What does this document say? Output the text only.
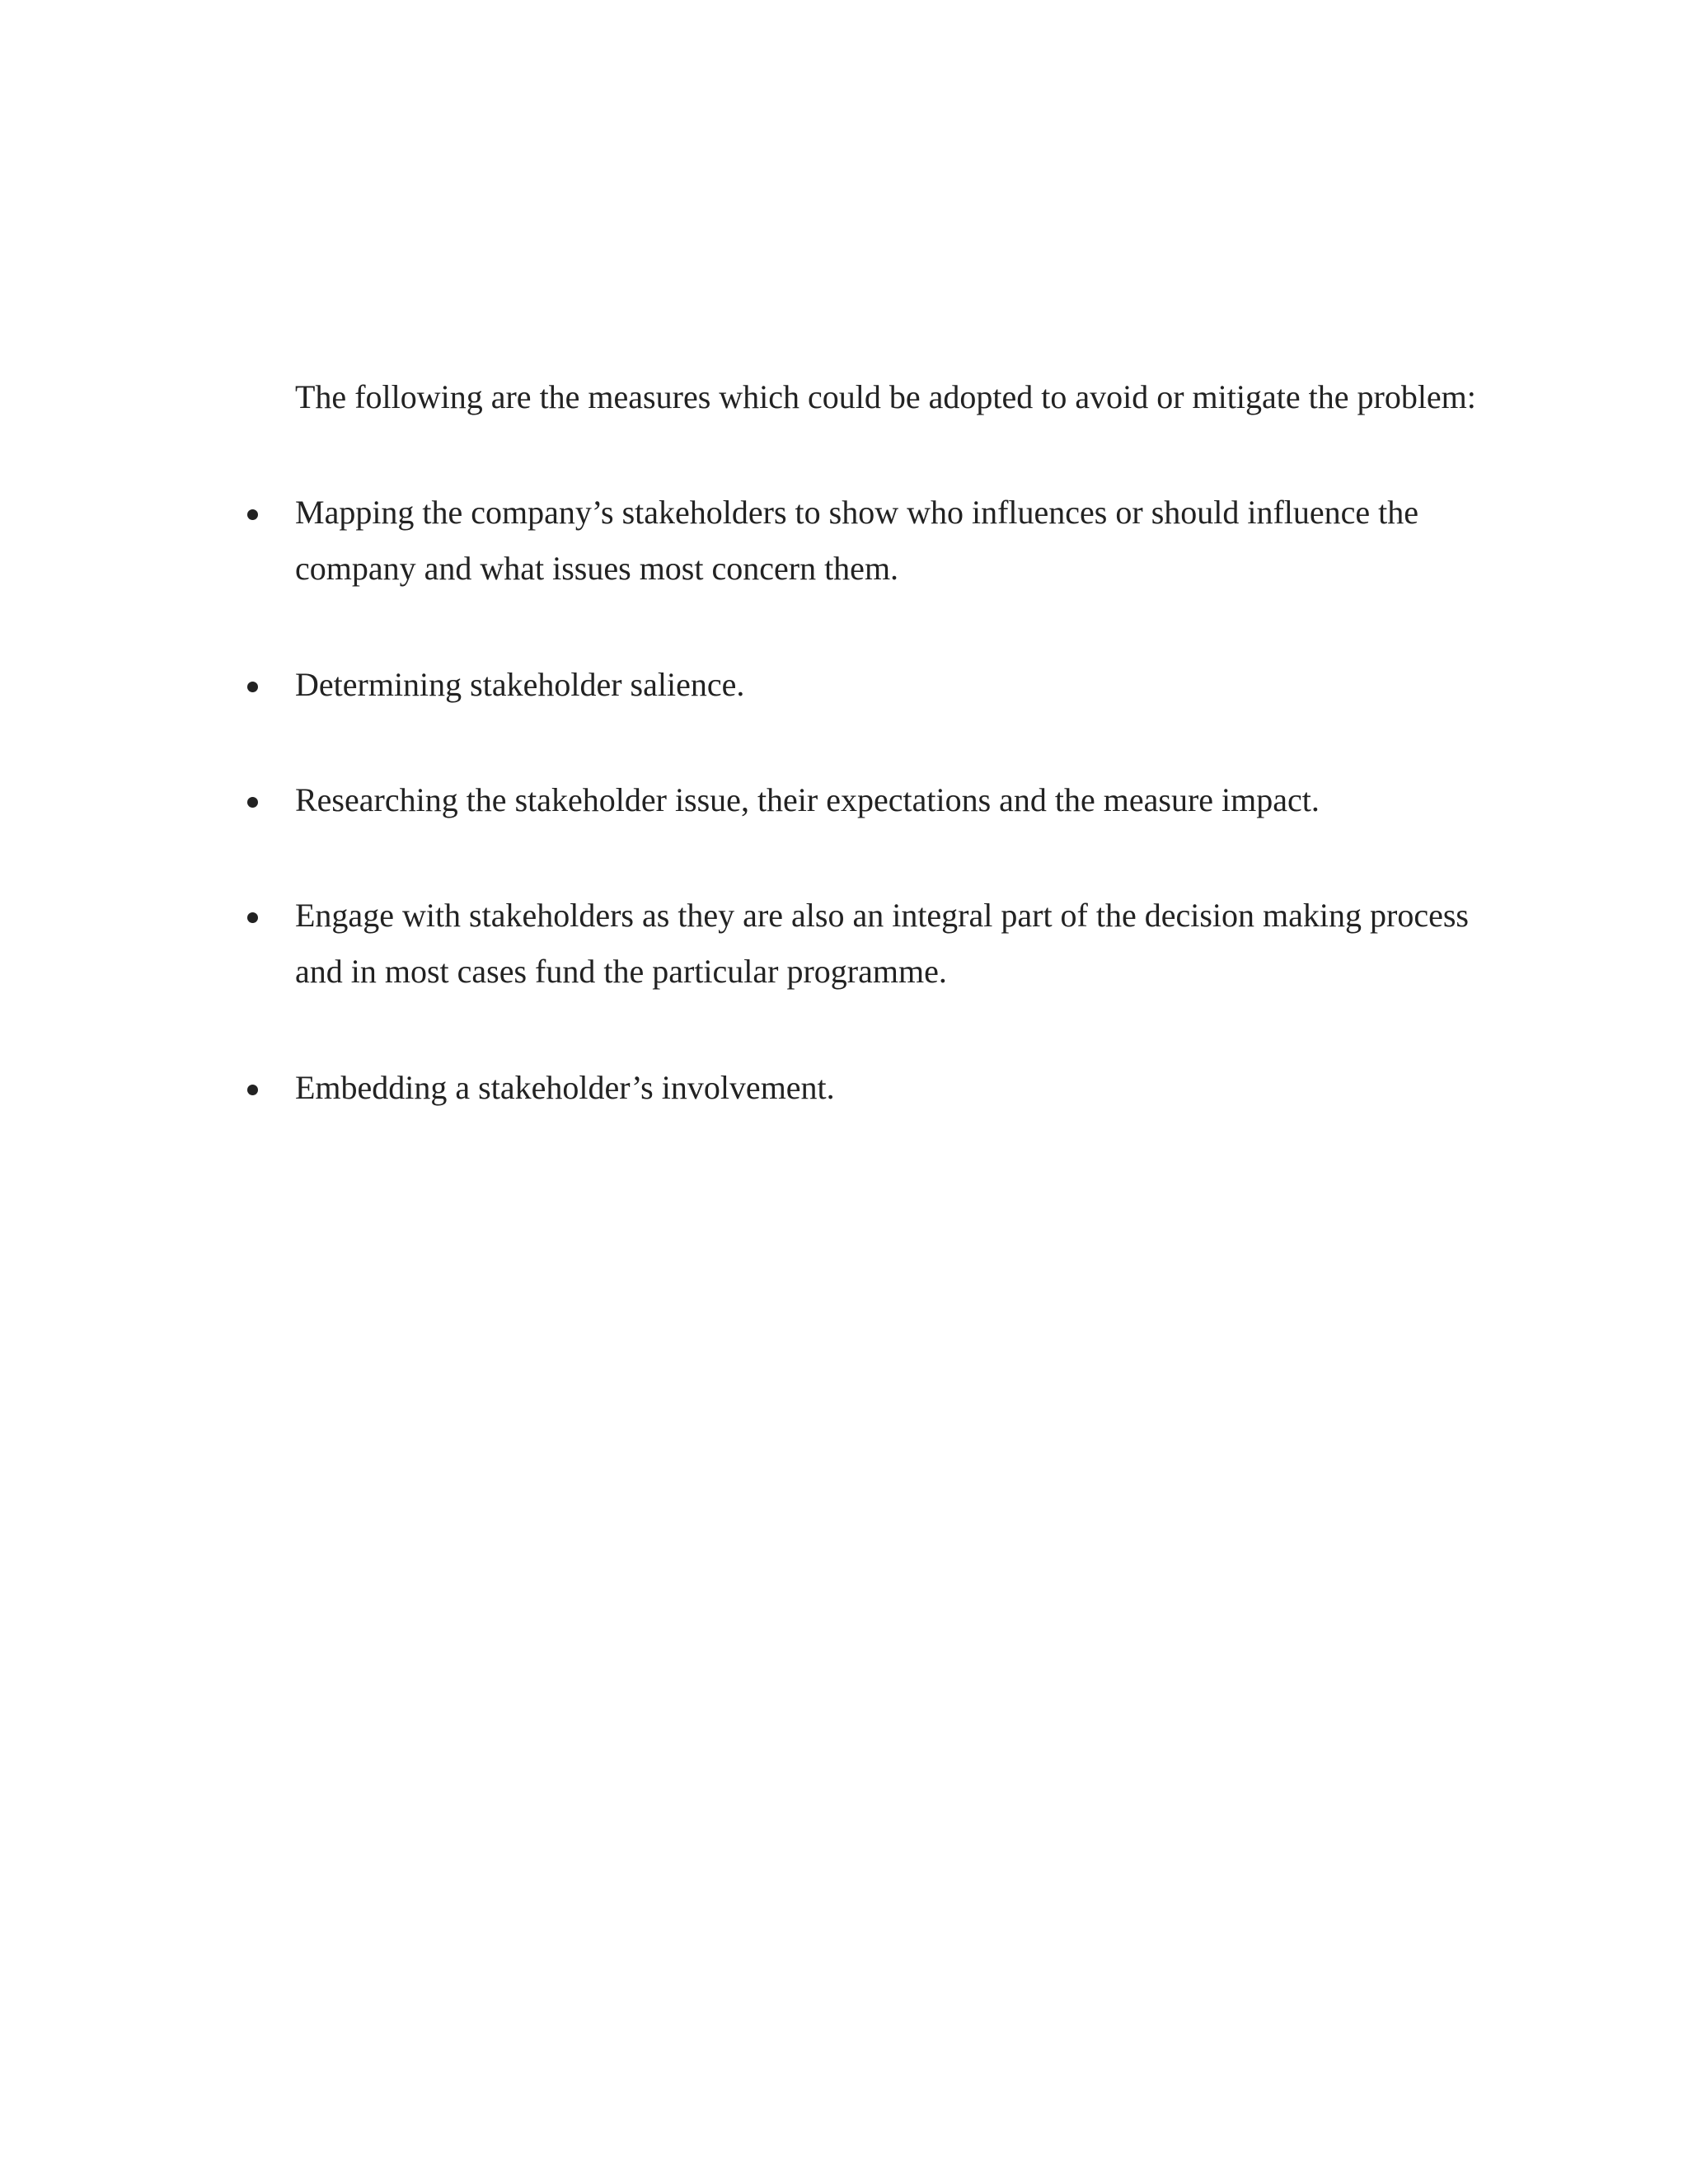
The following are the measures which could be adopted to avoid or mitigate the problem:

Mapping the company’s stakeholders to show who influences or should influence the company and what issues most concern them.

Determining stakeholder salience.

Researching the stakeholder issue, their expectations and the measure impact.

Engage with stakeholders as they are also an integral part of the decision making process and in most cases fund the particular programme.

Embedding a stakeholder’s involvement.
